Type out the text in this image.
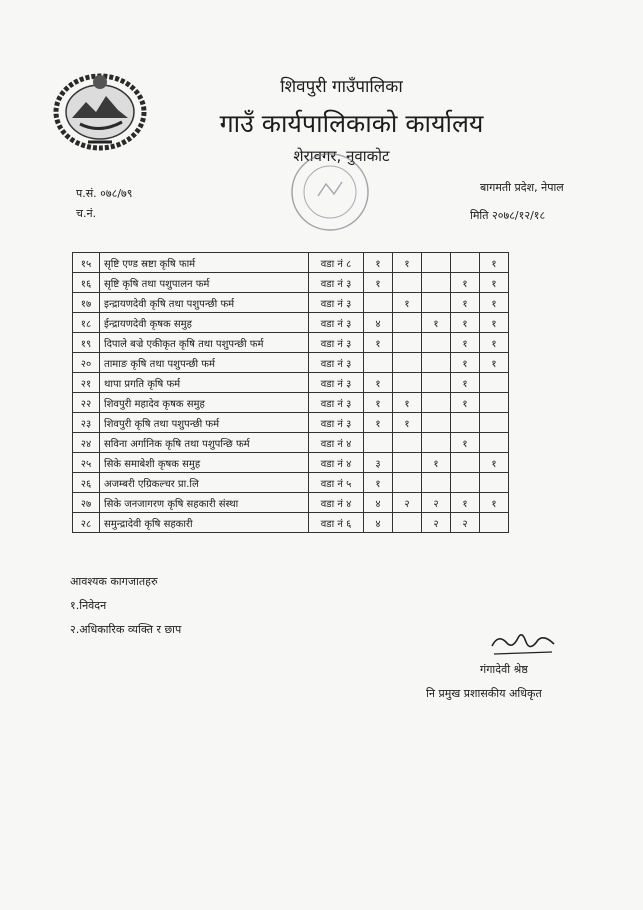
शिवपुरी गाउँपालिका
गाउँ कार्यपालिकाको कार्यालय
शेरावगर, नुवाकोट
प.सं. ०७८/७९
च.नं.
बागमती प्रदेश, नेपाल
मिति २०७८/१२/१८
१५	सृष्टि एण्ड स्रष्टा कृषि फार्म	वडा नं ८	१	१			१
१६	सृष्टि कृषि तथा पशुपालन फर्म	वडा नं ३	१			१	१
१७	इन्द्रायणदेवी कृषि तथा पशुपन्छी फर्म	वडा नं ३		१		१	१
१८	ईन्द्रायणदेवी कृषक समुह	वडा नं ३	४		१	१	१
१९	दिपाले बज्रे एकीकृत कृषि तथा पशुपन्छी फर्म	वडा नं ३	१			१	१
२०	तामाङ कृषि तथा पशुपन्छी फर्म	वडा नं ३				१	१
२१	थापा प्रगति कृषि फर्म	वडा नं ३	१			१	
२२	शिवपुरी महादेव कृषक समुह	वडा नं ३	१	१		१	
२३	शिवपुरी कृषि तथा पशुपन्छी फर्म	वडा नं ३	१	१			
२४	सविना अर्गानिक कृषि तथा पशुपन्छि फर्म	वडा नं ४				१	
२५	सिके समाबेशी कृषक समुह	वडा नं ४	३		१		१
२६	अजम्बरी एग्रिकल्चर प्रा.लि	वडा नं ५	१				
२७	सिके जनजागरण कृषि सहकारी संस्था	वडा नं ४	४	२	२	१	१
२८	समुन्द्रादेवी कृषि सहकारी	वडा नं ६	४		२	२	
आवश्यक कागजातहरु
१.निवेदन
२.अधिकारिक व्यक्ति र छाप
गंगादेवी श्रेष्ठ
नि प्रमुख प्रशासकीय अधिकृत
